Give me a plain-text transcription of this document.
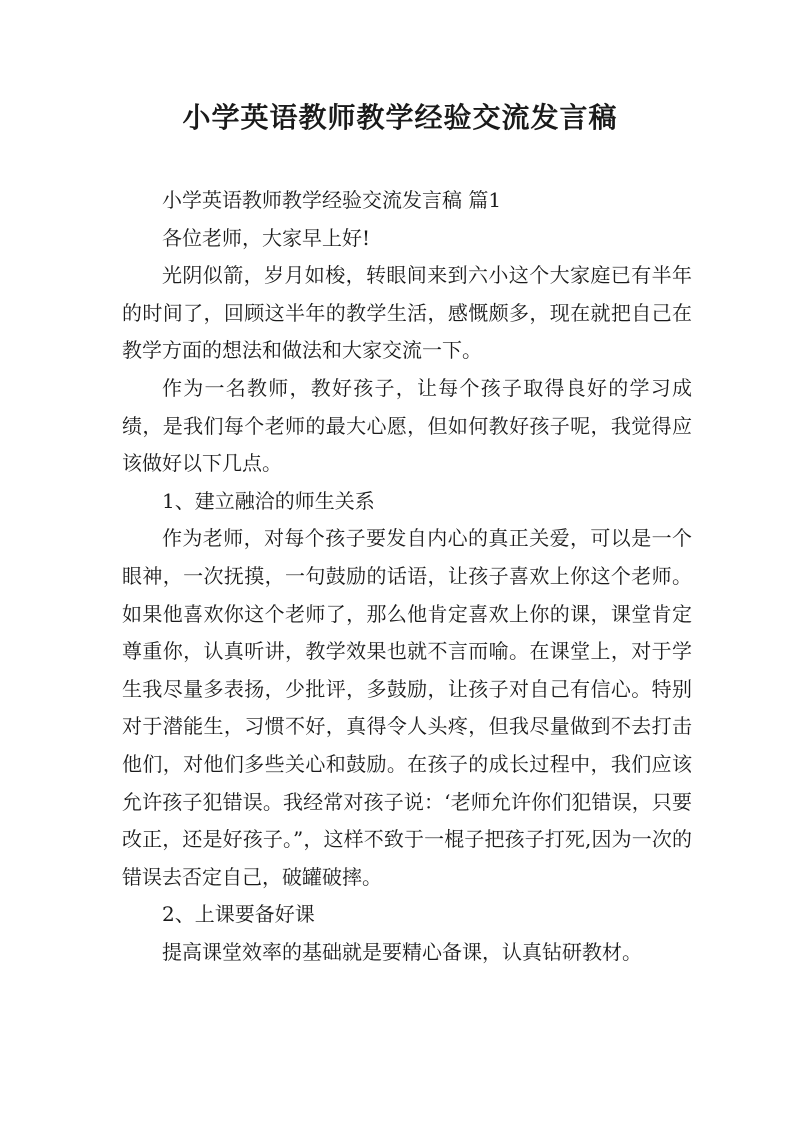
小学英语教师教学经验交流发言稿

小学英语教师教学经验交流发言稿 篇1

各位老师，大家早上好!

光阴似箭，岁月如梭，转眼间来到六小这个大家庭已有半年的时间了，回顾这半年的教学生活，感慨颇多，现在就把自己在教学方面的想法和做法和大家交流一下。

作为一名教师，教好孩子，让每个孩子取得良好的学习成绩，是我们每个老师的最大心愿，但如何教好孩子呢，我觉得应该做好以下几点。

1、建立融洽的师生关系

作为老师，对每个孩子要发自内心的真正关爱，可以是一个眼神，一次抚摸，一句鼓励的话语，让孩子喜欢上你这个老师。如果他喜欢你这个老师了，那么他肯定喜欢上你的课，课堂肯定尊重你，认真听讲，教学效果也就不言而喻。在课堂上，对于学生我尽量多表扬，少批评，多鼓励，让孩子对自己有信心。特别对于潜能生，习惯不好，真得令人头疼，但我尽量做到不去打击他们，对他们多些关心和鼓励。在孩子的成长过程中，我们应该允许孩子犯错误。我经常对孩子说：‘老师允许你们犯错误，只要改正，还是好孩子。”，这样不致于一棍子把孩子打死,因为一次的错误去否定自己，破罐破摔。

2、上课要备好课

提高课堂效率的基础就是要精心备课，认真钻研教材。
